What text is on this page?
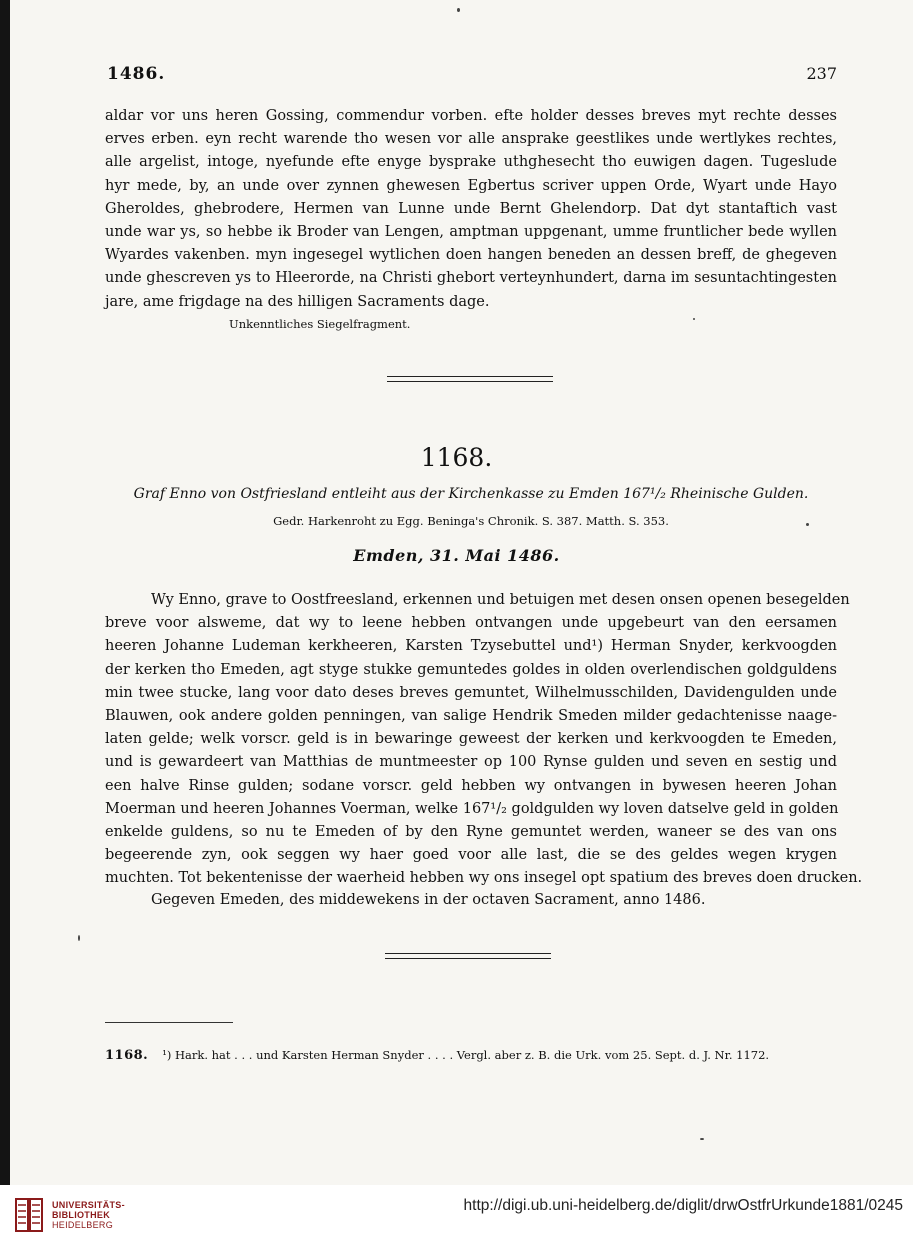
1486.	237
aldar vor uns heren Gossing, commendur vorben. efte holder desses breves myt rechte desses
erves erben. eyn recht warende tho wesen vor alle ansprake geestlikes unde wertlykes rechtes,
alle argelist, intoge, nyefunde efte enyge bysprake uthghesecht tho euwigen dagen. Tugeslude
hyr mede, by, an unde over zynnen ghewesen Egbertus scriver uppen Orde, Wyart unde Hayo
Gheroldes, ghebrodere, Hermen van Lunne unde Bernt Ghelendorp. Dat dyt stantaftich vast
unde war ys, so hebbe ik Broder van Lengen, amptman uppgenant, umme fruntlicher bede wyllen
Wyardes vakenben. myn ingesegel wytlichen doen hangen beneden an dessen breff, de ghegeven
unde ghescreven ys to Hleerorde, na Christi ghebort verteynhundert, darna im sesuntachtingesten
jare, ame frigdage na des hilligen Sacraments dage.
Unkenntliches Siegelfragment.
1168.
Graf Enno von Ostfriesland entleiht aus der Kirchenkasse zu Emden 167¹/₂ Rheinische Gulden.
Gedr. Harkenroht zu Egg. Beninga's Chronik. S. 387. Matth. S. 353.
Emden, 31. Mai 1486.
Wy Enno, grave to Oostfreesland, erkennen und betuigen met desen onsen openen besegelden
breve voor alsweme, dat wy to leene hebben ontvangen unde upgebeurt van den eersamen
heeren Johanne Ludeman kerkheeren, Karsten Tzysebuttel und¹) Herman Snyder, kerkvoogden
der kerken tho Emeden, agt styge stukke gemuntedes goldes in olden overlendischen goldguldens
min twee stucke, lang voor dato deses breves gemuntet, Wilhelmusschilden, Davidengulden unde
Blauwen, ook andere golden penningen, van salige Hendrik Smeden milder gedachtenisse naage-
laten gelde; welk vorscr. geld is in bewaringe geweest der kerken und kerkvoogden te Emeden,
und is gewardeert van Matthias de muntmeester op 100 Rynse gulden und seven en sestig und
een halve Rinse gulden; sodane vorscr. geld hebben wy ontvangen in bywesen heeren Johan
Moerman und heeren Johannes Voerman, welke 167¹/₂ goldgulden wy loven datselve geld in golden
enkelde guldens, so nu te Emeden of by den Ryne gemuntet werden, waneer se des van ons
begeerende zyn, ook seggen wy haer goed voor alle last, die se des geldes wegen krygen
muchten. Tot bekentenisse der waerheid hebben wy ons insegel opt spatium des breves doen drucken.
Gegeven Emeden, des middewekens in der octaven Sacrament, anno 1486.
1168. ¹) Hark. hat . . . und Karsten Herman Snyder . . . . Vergl. aber z. B. die Urk. vom 25. Sept. d. J. Nr. 1172.
UNIVERSITÄTS-
BIBLIOTHEK
HEIDELBERG
http://digi.ub.uni-heidelberg.de/diglit/drwOstfrUrkunde1881/0245
